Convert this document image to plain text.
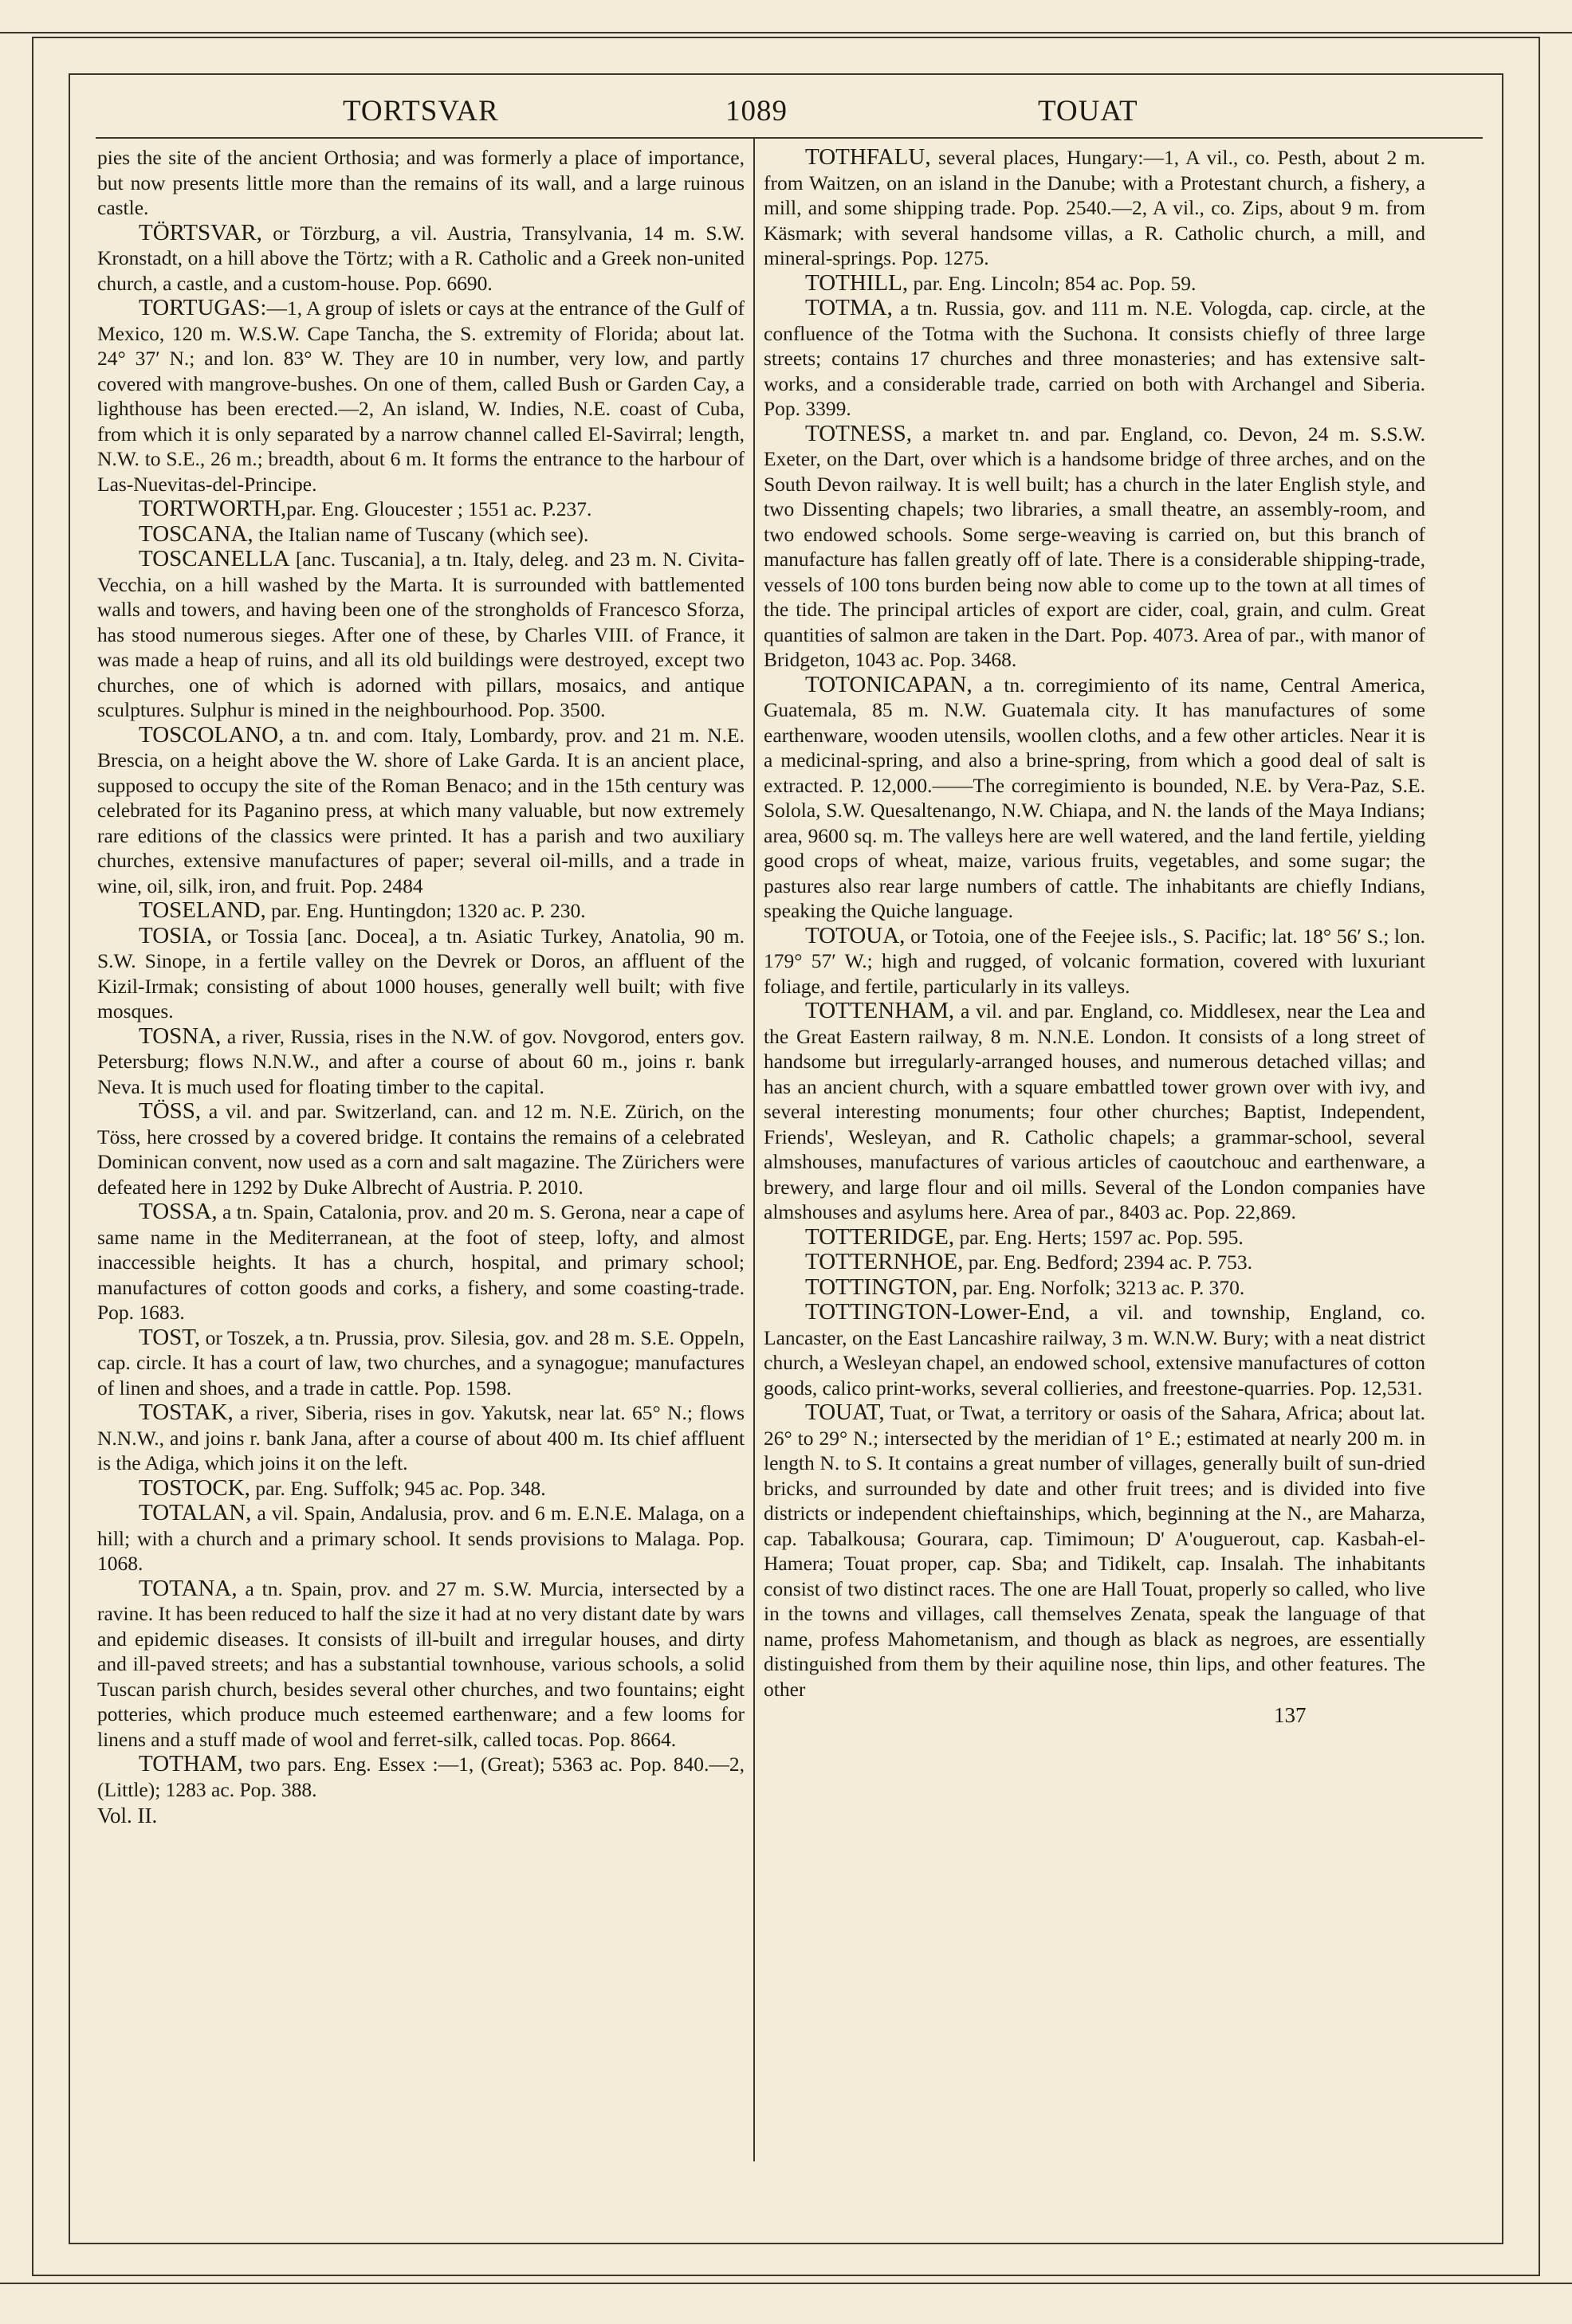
TORTSVAR	1089	TOUAT

pies the site of the ancient Orthosia; and was formerly a place of importance, but now presents little more than the remains of its wall, and a large ruinous castle.

TÖRTSVAR, or Törzburg, a vil. Austria, Transylvania, 14 m. S.W. Kronstadt, on a hill above the Törtz; with a R. Catholic and a Greek non-united church, a castle, and a custom-house. Pop. 6690.

TORTUGAS:—1, A group of islets or cays at the entrance of the Gulf of Mexico, 120 m. W.S.W. Cape Tancha, the S. extremity of Florida; about lat. 24° 37′ N.; and lon. 83° W. They are 10 in number, very low, and partly covered with mangrove-bushes. On one of them, called Bush or Garden Cay, a lighthouse has been erected.—2, An island, W. Indies, N.E. coast of Cuba, from which it is only separated by a narrow channel called El-Savirral; length, N.W. to S.E., 26 m.; breadth, about 6 m. It forms the entrance to the harbour of Las-Nuevitas-del-Principe.

TORTWORTH,par. Eng. Gloucester ; 1551 ac. P.237.

TOSCANA, the Italian name of Tuscany (which see).

TOSCANELLA [anc. Tuscania], a tn. Italy, deleg. and 23 m. N. Civita-Vecchia, on a hill washed by the Marta. It is surrounded with battlemented walls and towers, and having been one of the strongholds of Francesco Sforza, has stood numerous sieges. After one of these, by Charles VIII. of France, it was made a heap of ruins, and all its old buildings were destroyed, except two churches, one of which is adorned with pillars, mosaics, and antique sculptures. Sulphur is mined in the neighbourhood. Pop. 3500.

TOSCOLANO, a tn. and com. Italy, Lombardy, prov. and 21 m. N.E. Brescia, on a height above the W. shore of Lake Garda. It is an ancient place, supposed to occupy the site of the Roman Benaco; and in the 15th century was celebrated for its Paganino press, at which many valuable, but now extremely rare editions of the classics were printed. It has a parish and two auxiliary churches, extensive manufactures of paper; several oil-mills, and a trade in wine, oil, silk, iron, and fruit. Pop. 2484

TOSELAND, par. Eng. Huntingdon; 1320 ac. P. 230.

TOSIA, or Tossia [anc. Docea], a tn. Asiatic Turkey, Anatolia, 90 m. S.W. Sinope, in a fertile valley on the Devrek or Doros, an affluent of the Kizil-Irmak; consisting of about 1000 houses, generally well built; with five mosques.

TOSNA, a river, Russia, rises in the N.W. of gov. Novgorod, enters gov. Petersburg; flows N.N.W., and after a course of about 60 m., joins r. bank Neva. It is much used for floating timber to the capital.

TÖSS, a vil. and par. Switzerland, can. and 12 m. N.E. Zürich, on the Töss, here crossed by a covered bridge. It contains the remains of a celebrated Dominican convent, now used as a corn and salt magazine. The Zürichers were defeated here in 1292 by Duke Albrecht of Austria. P. 2010.

TOSSA, a tn. Spain, Catalonia, prov. and 20 m. S. Gerona, near a cape of same name in the Mediterranean, at the foot of steep, lofty, and almost inaccessible heights. It has a church, hospital, and primary school; manufactures of cotton goods and corks, a fishery, and some coasting-trade. Pop. 1683.

TOST, or Toszek, a tn. Prussia, prov. Silesia, gov. and 28 m. S.E. Oppeln, cap. circle. It has a court of law, two churches, and a synagogue; manufactures of linen and shoes, and a trade in cattle. Pop. 1598.

TOSTAK, a river, Siberia, rises in gov. Yakutsk, near lat. 65° N.; flows N.N.W., and joins r. bank Jana, after a course of about 400 m. Its chief affluent is the Adiga, which joins it on the left.

TOSTOCK, par. Eng. Suffolk; 945 ac. Pop. 348.

TOTALAN, a vil. Spain, Andalusia, prov. and 6 m. E.N.E. Malaga, on a hill; with a church and a primary school. It sends provisions to Malaga. Pop. 1068.

TOTANA, a tn. Spain, prov. and 27 m. S.W. Murcia, intersected by a ravine. It has been reduced to half the size it had at no very distant date by wars and epidemic diseases. It consists of ill-built and irregular houses, and dirty and ill-paved streets; and has a substantial townhouse, various schools, a solid Tuscan parish church, besides several other churches, and two fountains; eight potteries, which produce much esteemed earthenware; and a few looms for linens and a stuff made of wool and ferret-silk, called tocas. Pop. 8664.

TOTHAM, two pars. Eng. Essex :—1, (Great); 5363 ac. Pop. 840.—2, (Little); 1283 ac. Pop. 388.

Vol. II.

TOTHFALU, several places, Hungary:—1, A vil., co. Pesth, about 2 m. from Waitzen, on an island in the Danube; with a Protestant church, a fishery, a mill, and some shipping trade. Pop. 2540.—2, A vil., co. Zips, about 9 m. from Käsmark; with several handsome villas, a R. Catholic church, a mill, and mineral-springs. Pop. 1275.

TOTHILL, par. Eng. Lincoln; 854 ac. Pop. 59.

TOTMA, a tn. Russia, gov. and 111 m. N.E. Vologda, cap. circle, at the confluence of the Totma with the Suchona. It consists chiefly of three large streets; contains 17 churches and three monasteries; and has extensive salt-works, and a considerable trade, carried on both with Archangel and Siberia. Pop. 3399.

TOTNESS, a market tn. and par. England, co. Devon, 24 m. S.S.W. Exeter, on the Dart, over which is a handsome bridge of three arches, and on the South Devon railway. It is well built; has a church in the later English style, and two Dissenting chapels; two libraries, a small theatre, an assembly-room, and two endowed schools. Some serge-weaving is carried on, but this branch of manufacture has fallen greatly off of late. There is a considerable shipping-trade, vessels of 100 tons burden being now able to come up to the town at all times of the tide. The principal articles of export are cider, coal, grain, and culm. Great quantities of salmon are taken in the Dart. Pop. 4073. Area of par., with manor of Bridgeton, 1043 ac. Pop. 3468.

TOTONICAPAN, a tn. corregimiento of its name, Central America, Guatemala, 85 m. N.W. Guatemala city. It has manufactures of some earthenware, wooden utensils, woollen cloths, and a few other articles. Near it is a medicinal-spring, and also a brine-spring, from which a good deal of salt is extracted. P. 12,000.——The corregimiento is bounded, N.E. by Vera-Paz, S.E. Solola, S.W. Quesaltenango, N.W. Chiapa, and N. the lands of the Maya Indians; area, 9600 sq. m. The valleys here are well watered, and the land fertile, yielding good crops of wheat, maize, various fruits, vegetables, and some sugar; the pastures also rear large numbers of cattle. The inhabitants are chiefly Indians, speaking the Quiche language.

TOTOUA, or Totoia, one of the Feejee isls., S. Pacific; lat. 18° 56′ S.; lon. 179° 57′ W.; high and rugged, of volcanic formation, covered with luxuriant foliage, and fertile, particularly in its valleys.

TOTTENHAM, a vil. and par. England, co. Middlesex, near the Lea and the Great Eastern railway, 8 m. N.N.E. London. It consists of a long street of handsome but irregularly-arranged houses, and numerous detached villas; and has an ancient church, with a square embattled tower grown over with ivy, and several interesting monuments; four other churches; Baptist, Independent, Friends', Wesleyan, and R. Catholic chapels; a grammar-school, several almshouses, manufactures of various articles of caoutchouc and earthenware, a brewery, and large flour and oil mills. Several of the London companies have almshouses and asylums here. Area of par., 8403 ac. Pop. 22,869.

TOTTERIDGE, par. Eng. Herts; 1597 ac. Pop. 595.

TOTTERNHOE, par. Eng. Bedford; 2394 ac. P. 753.

TOTTINGTON, par. Eng. Norfolk; 3213 ac. P. 370.

TOTTINGTON-Lower-End, a vil. and township, England, co. Lancaster, on the East Lancashire railway, 3 m. W.N.W. Bury; with a neat district church, a Wesleyan chapel, an endowed school, extensive manufactures of cotton goods, calico print-works, several collieries, and freestone-quarries. Pop. 12,531.

TOUAT, Tuat, or Twat, a territory or oasis of the Sahara, Africa; about lat. 26° to 29° N.; intersected by the meridian of 1° E.; estimated at nearly 200 m. in length N. to S. It contains a great number of villages, generally built of sun-dried bricks, and surrounded by date and other fruit trees; and is divided into five districts or independent chieftainships, which, beginning at the N., are Maharza, cap. Tabalkousa; Gourara, cap. Timimoun; D' A'ouguerout, cap. Kasbah-el-Hamera; Touat proper, cap. Sba; and Tidikelt, cap. Insalah. The inhabitants consist of two distinct races. The one are Hall Touat, properly so called, who live in the towns and villages, call themselves Zenata, speak the language of that name, profess Mahometanism, and though as black as negroes, are essentially distinguished from them by their aquiline nose, thin lips, and other features. The other

137
